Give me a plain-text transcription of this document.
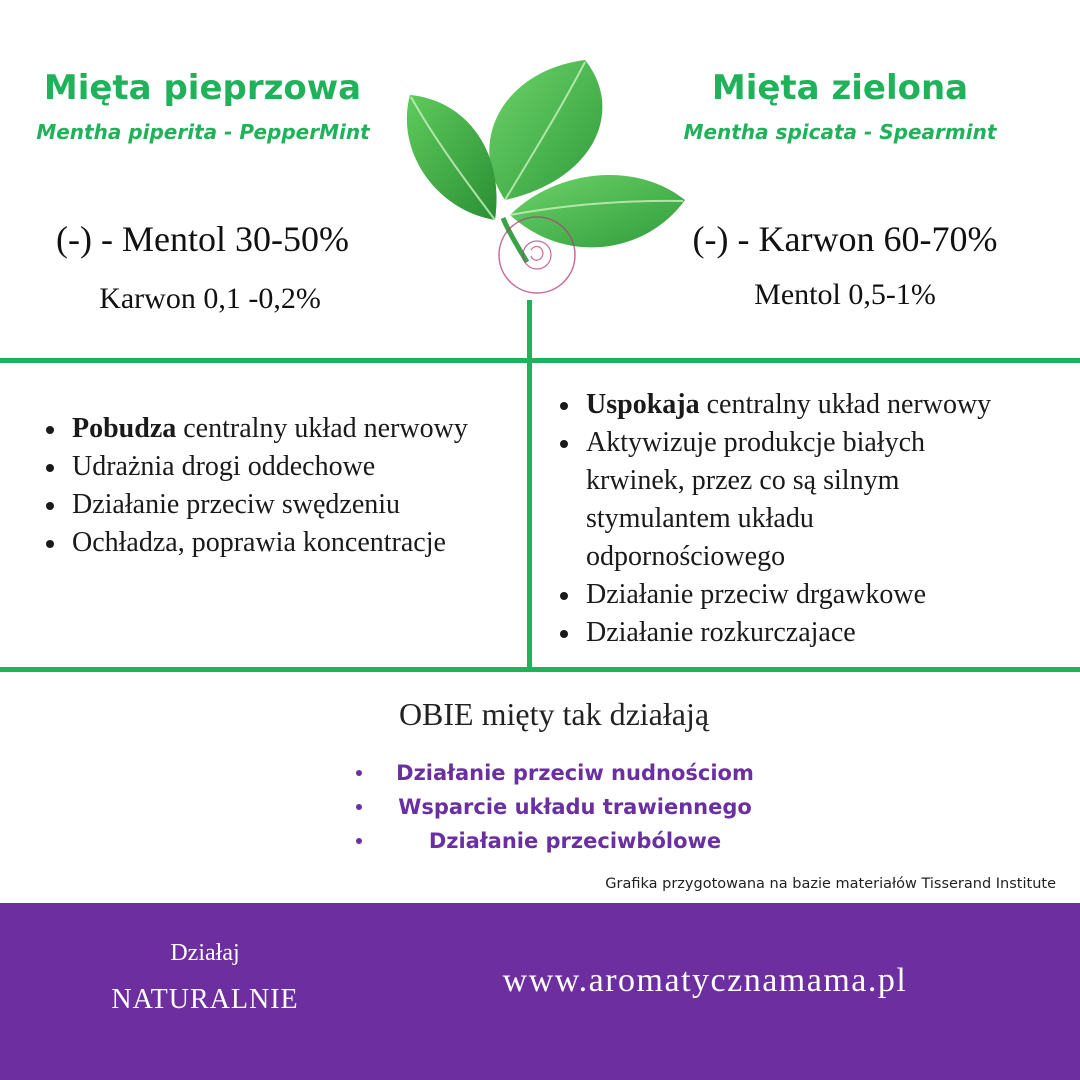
Mięta pieprzowa
Mentha piperita - PepperMint
(-) - Mentol 30-50%
Karwon 0,1 -0,2%
Mięta zielona
Mentha spicata - Spearmint
(-) - Karwon 60-70%
Mentol 0,5-1%
Pobudza centralny układ nerwowy
Udrażnia drogi oddechowe
Działanie przeciw swędzeniu
Ochładza, poprawia koncentracje
Uspokaja centralny układ nerwowy
Aktywizuje produkcje białych krwinek, przez co są silnym stymulantem układu odpornościowego
Działanie przeciw drgawkowe
Działanie rozkurczajace
OBIE mięty tak działają
Działanie przeciw nudnościom
Wsparcie układu trawiennego
Działanie przeciwbólowe
Grafika przygotowana na bazie materiałów Tisserand Institute
Działaj
NATURALNIE
www.aromatycznamama.pl
